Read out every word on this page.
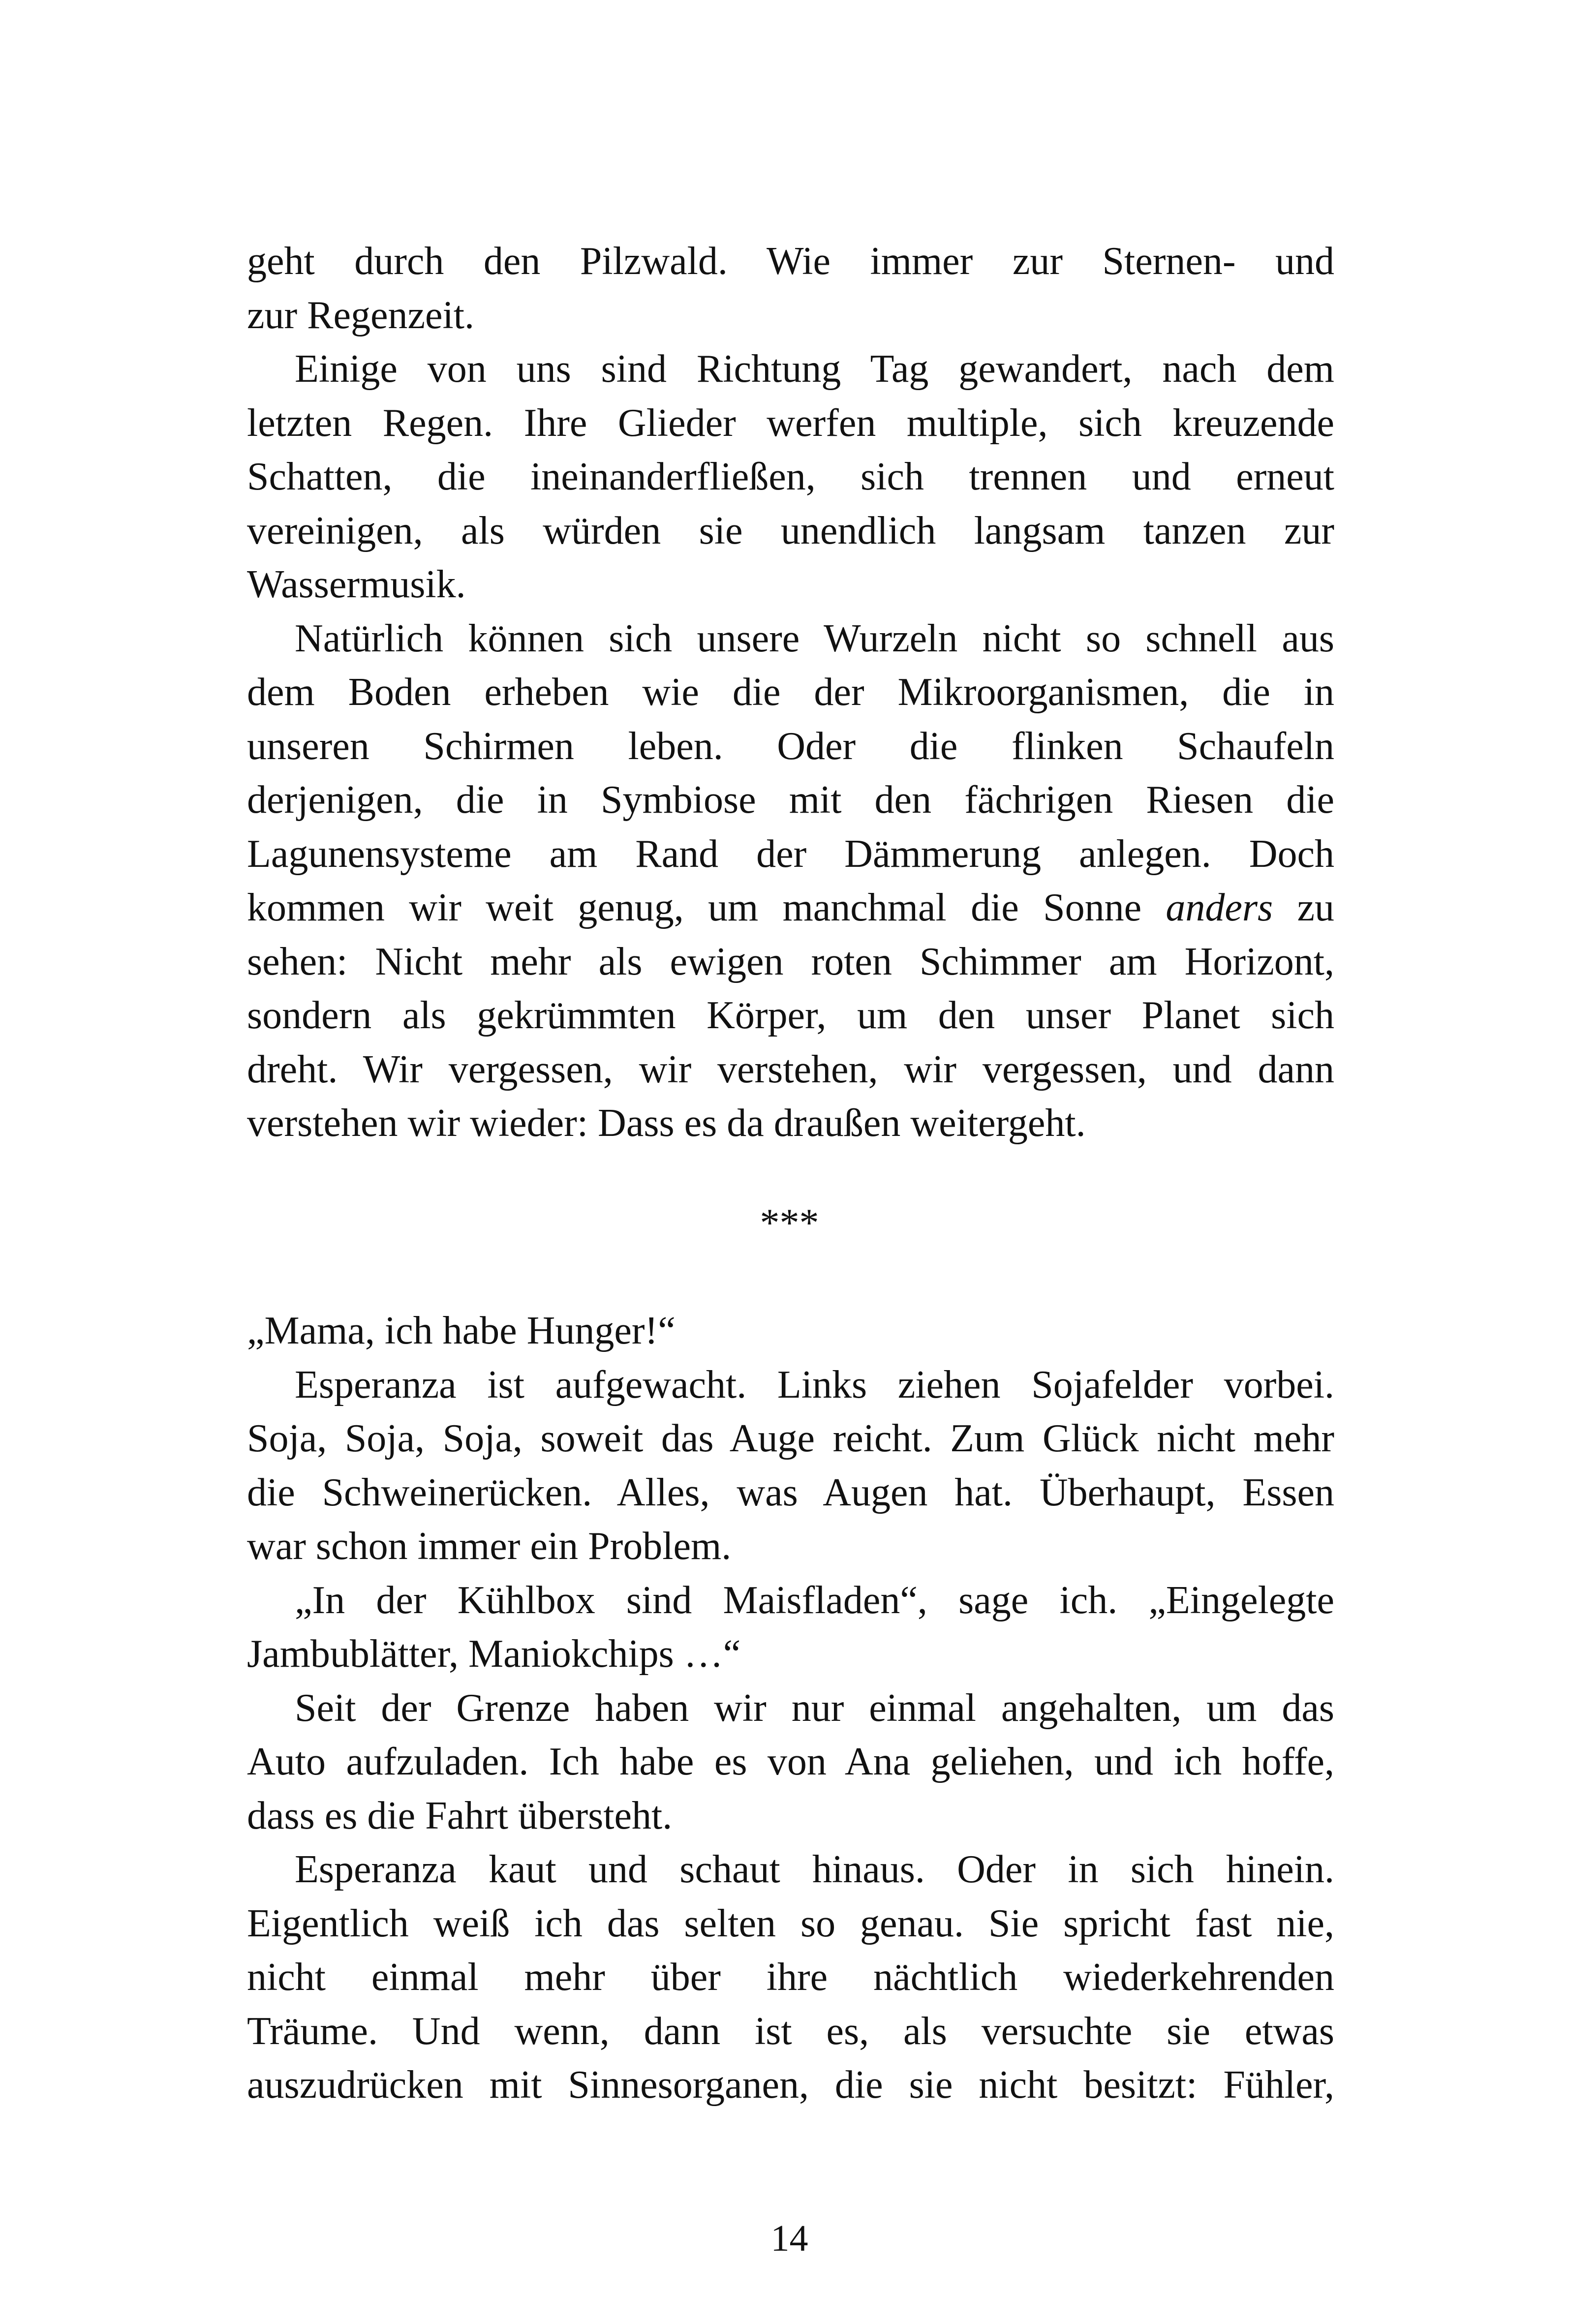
geht durch den Pilzwald. Wie immer zur Sternen- und
zur Regenzeit.
Einige von uns sind Richtung Tag gewandert, nach dem
letzten Regen. Ihre Glieder werfen multiple, sich kreuzende
Schatten, die ineinanderfließen, sich trennen und erneut
vereinigen, als würden sie unendlich langsam tanzen zur
Wassermusik.
Natürlich können sich unsere Wurzeln nicht so schnell aus
dem Boden erheben wie die der Mikroorganismen, die in
unseren Schirmen leben. Oder die flinken Schaufeln
derjenigen, die in Symbiose mit den fächrigen Riesen die
Lagunensysteme am Rand der Dämmerung anlegen. Doch
kommen wir weit genug, um manchmal die Sonne anders zu
sehen: Nicht mehr als ewigen roten Schimmer am Horizont,
sondern als gekrümmten Körper, um den unser Planet sich
dreht. Wir vergessen, wir verstehen, wir vergessen, und dann
verstehen wir wieder: Dass es da draußen weitergeht.
***
„Mama, ich habe Hunger!“
Esperanza ist aufgewacht. Links ziehen Sojafelder vorbei.
Soja, Soja, Soja, soweit das Auge reicht. Zum Glück nicht mehr
die Schweinerücken. Alles, was Augen hat. Überhaupt, Essen
war schon immer ein Problem.
„In der Kühlbox sind Maisfladen“, sage ich. „Eingelegte
Jambublätter, Maniokchips …“
Seit der Grenze haben wir nur einmal angehalten, um das
Auto aufzuladen. Ich habe es von Ana geliehen, und ich hoffe,
dass es die Fahrt übersteht.
Esperanza kaut und schaut hinaus. Oder in sich hinein.
Eigentlich weiß ich das selten so genau. Sie spricht fast nie,
nicht einmal mehr über ihre nächtlich wiederkehrenden
Träume. Und wenn, dann ist es, als versuchte sie etwas
auszudrücken mit Sinnesorganen, die sie nicht besitzt: Fühler,
14
